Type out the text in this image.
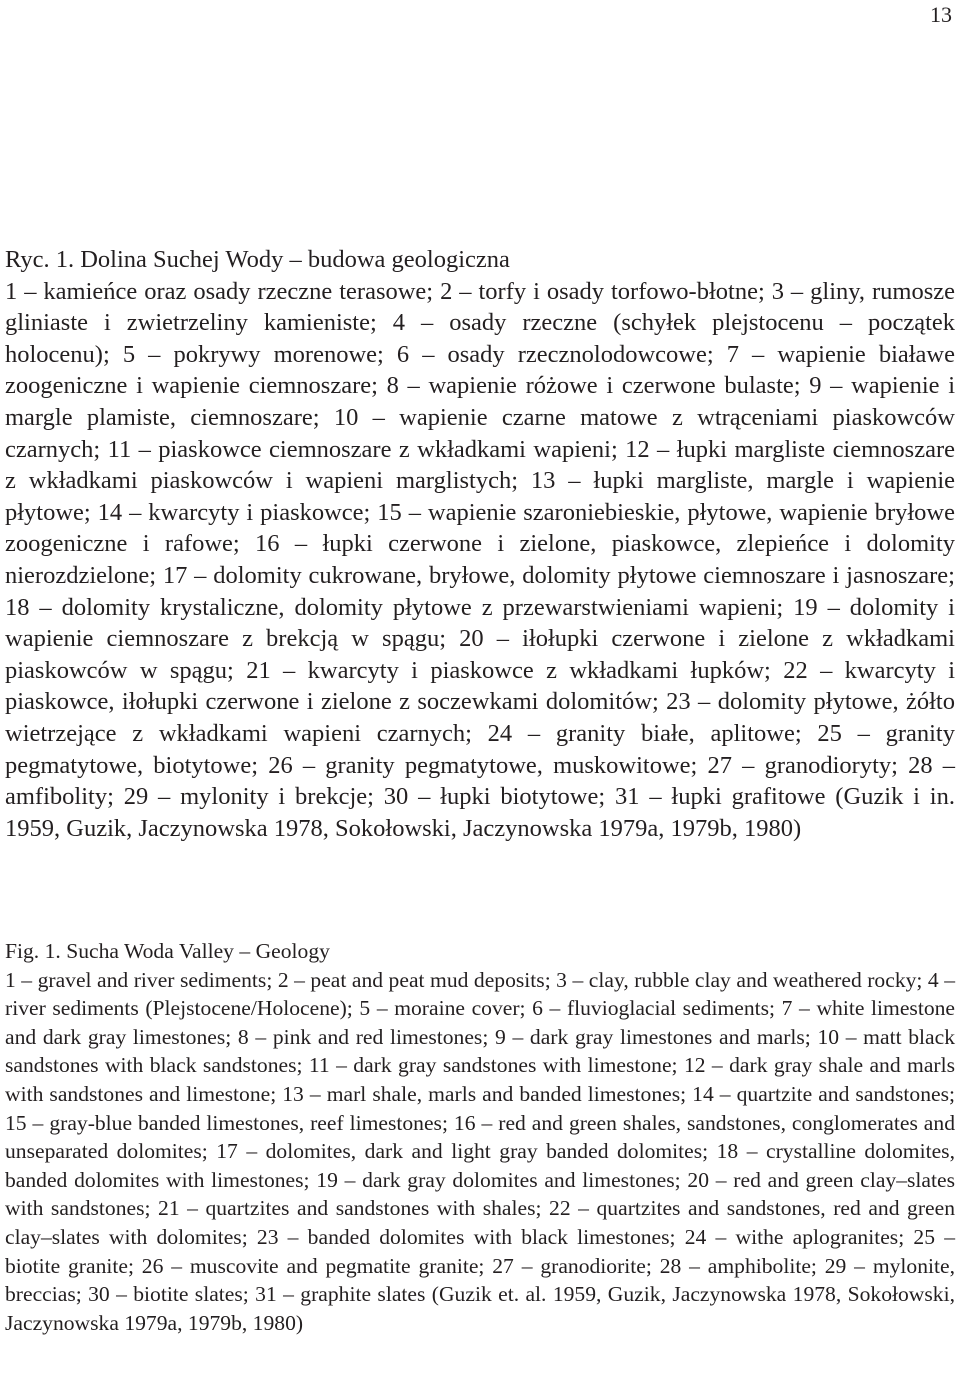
13
Ryc. 1. Dolina Suchej Wody – budowa geologiczna
1 – kamieńce oraz osady rzeczne terasowe; 2 – torfy i osady torfowo-błotne; 3 – gliny, rumosze gliniaste i zwietrzeliny kamieniste; 4 – osady rzeczne (schyłek plejstocenu – początek holocenu); 5 – pokrywy morenowe; 6 – osady rzecznolodowcowe; 7 – wapienie białawe zoogeniczne i wapienie ciemnoszare; 8 – wapienie różowe i czerwone bulaste; 9 – wapienie i margle plamiste, ciemnoszare; 10 – wapienie czarne matowe z wtrąceniami piaskowców czarnych; 11 – piaskowce ciemnoszare z wkładkami wapieni; 12 – łupki margliste ciemnoszare z wkładkami piaskowców i wapieni marglistych; 13 – łupki margliste, margle i wapienie płytowe; 14 – kwarcyty i piaskowce; 15 – wapienie szaroniebieskie, płytowe, wapienie bryłowe zoogeniczne i rafowe; 16 – łupki czerwone i zielone, piaskowce, zlepieńce i dolomity nierozdzielone; 17 – dolomity cukrowane, bryłowe, dolomity płytowe ciemnoszare i jasnoszare; 18 – dolomity krystaliczne, dolomity płytowe z przewarstwieniami wapieni; 19 – dolomity i wapienie ciemnoszare z brekcją w spągu; 20 – iłołupki czerwone i zielone z wkładkami piaskowców w spągu; 21 – kwarcyty i piaskowce z wkładkami łupków; 22 – kwarcyty i piaskowce, iłołupki czerwone i zielone z soczewkami dolomitów; 23 – dolomity płytowe, żółto wietrzejące z wkładkami wapieni czarnych; 24 – granity białe, aplitowe; 25 – granity pegmatytowe, biotytowe; 26 – granity pegmatytowe, muskowitowe; 27 – granodioryty; 28 – amfibolity; 29 – mylonity i brekcje; 30 – łupki biotytowe; 31 – łupki grafitowe (Guzik i in. 1959, Guzik, Jaczynowska 1978, Sokołowski, Jaczynowska 1979a, 1979b, 1980)
Fig. 1. Sucha Woda Valley – Geology
1 – gravel and river sediments; 2 – peat and peat mud deposits; 3 – clay, rubble clay and weathered rocky; 4 – river sediments (Plejstocene/Holocene); 5 – moraine cover; 6 – fluvioglacial sediments; 7 – white limestone and dark gray limestones; 8 – pink and red limestones; 9 – dark gray limestones and marls; 10 – matt black sandstones with black sandstones; 11 – dark gray sandstones with limestone; 12 – dark gray shale and marls with sandstones and limestone; 13 – marl shale, marls and banded limestones; 14 – quartzite and sandstones; 15 – gray-blue banded limestones, reef limestones; 16 – red and green shales, sandstones, conglomerates and unseparated dolomites; 17 – dolomites, dark and light gray banded dolomites; 18 – crystalline dolomites, banded dolomites with limestones; 19 – dark gray dolomites and limestones; 20 – red and green clay–slates with sandstones; 21 – quartzites and sandstones with shales; 22 – quartzites and sandstones, red and green clay–slates with dolomites; 23 – banded dolomites with black limestones; 24 – withe aplogranites; 25 – biotite granite; 26 – muscovite and pegmatite granite; 27 – granodiorite; 28 – amphibolite; 29 – mylonite, breccias; 30 – biotite slates; 31 – graphite slates (Guzik et. al. 1959, Guzik, Jaczynowska 1978, Sokołowski, Jaczynowska 1979a, 1979b, 1980)
